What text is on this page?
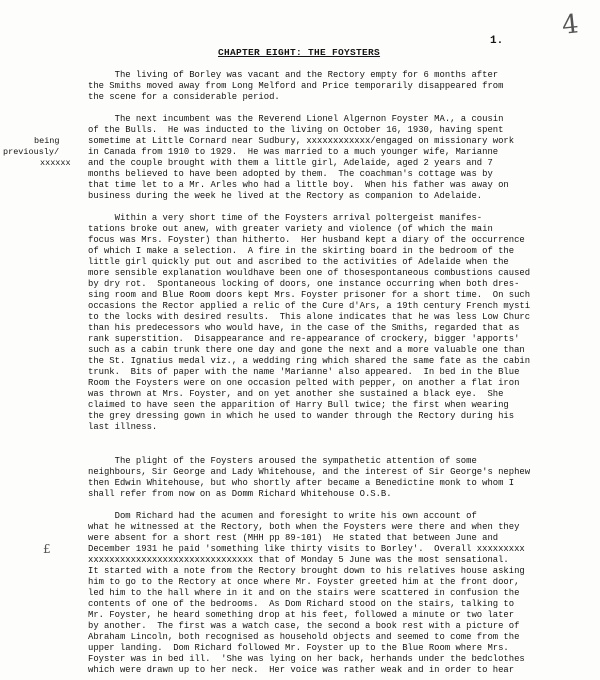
4
1.
CHAPTER EIGHT: THE FOYSTERS
being
previously/
xxxxxx
£
The living of Borley was vacant and the Rectory empty for 6 months after
the Smiths moved away from Long Melford and Price temporarily disappeared from
the scene for a considerable period.
The next incumbent was the Reverend Lionel Algernon Foyster MA., a cousin
of the Bulls.  He was inducted to the living on October 16, 1930, having spent
sometime at Little Cornard near Sudbury, xxxxxxxxxxxx/engaged on missionary work
in Canada from 1910 to 1929.  He was married to a much younger wife, Marianne
and the couple brought with them a little girl, Adelaide, aged 2 years and 7
months believed to have been adopted by them.  The coachman's cottage was by
that time let to a Mr. Arles who had a little boy.  When his father was away on
business during the week he lived at the Rectory as companion to Adelaide.
Within a very short time of the Foysters arrival poltergeist manifes-
tations broke out anew, with greater variety and violence (of which the main
focus was Mrs. Foyster) than hitherto.  Her husband kept a diary of the occurrence
of which I make a selection.  A fire in the skirting board in the bedroom of the
little girl quickly put out and ascribed to the activities of Adelaide when the
more sensible explanation wouldhave been one of thosespontaneous combustions caused
by dry rot.  Spontaneous locking of doors, one instance occurring when both dres-
sing room and Blue Room doors kept Mrs. Foyster prisoner for a short time.  On such
occasions the Rector applied a relic of the Cure d'Ars, a 19th century French mysti
to the locks with desired results.  This alone indicates that he was less Low Churc
than his predecessors who would have, in the case of the Smiths, regarded that as
rank superstition.  Disappearance and re-appearance of crockery, bigger 'apports'
such as a cabin trunk there one day and gone the next and a more valuable one than
the St. Ignatius medal viz., a wedding ring which shared the same fate as the cabin
trunk.  Bits of paper with the name 'Marianne' also appeared.  In bed in the Blue
Room the Foysters were on one occasion pelted with pepper, on another a flat iron
was thrown at Mrs. Foyster, and on yet another she sustained a black eye.  She
claimed to have seen the apparition of Harry Bull twice; the first when wearing
the grey dressing gown in which he used to wander through the Rectory during his
last illness.
The plight of the Foysters aroused the sympathetic attention of some
neighbours, Sir George and Lady Whitehouse, and the interest of Sir George's nephew
then Edwin Whitehouse, but who shortly after became a Benedictine monk to whom I
shall refer from now on as Domm Richard Whitehouse O.S.B.
Dom Richard had the acumen and foresight to write his own account of
what he witnessed at the Rectory, both when the Foysters were there and when they
were absent for a short rest (MHH pp 89-101)  He stated that between June and
December 1931 he paid 'something like thirty visits to Borley'.  Overall xxxxxxxxx
xxxxxxxxxxxxxxxxxxxxxxxxxxxxxxx that of Monday 5 June was the most sensational.
It started with a note from the Rectory brought down to his relatives house asking
him to go to the Rectory at once where Mr. Foyster greeted him at the front door,
led him to the hall where in it and on the stairs were scattered in confusion the
contents of one of the bedrooms.  As Dom Richard stood on the stairs, talking to
Mr. Foyster, he heard something drop at his feet, followed a minute or two later
by another.  The first was a watch case, the second a book rest with a picture of
Abraham Lincoln, both recognised as household objects and seemed to come from the
upper landing.  Dom Richard followed Mr. Foyster up to the Blue Room where Mrs.
Foyster was in bed ill.  'She was lying on her back, herhands under the bedclothes
which were drawn up to her neck.  Her voice was rather weak and in order to hear
